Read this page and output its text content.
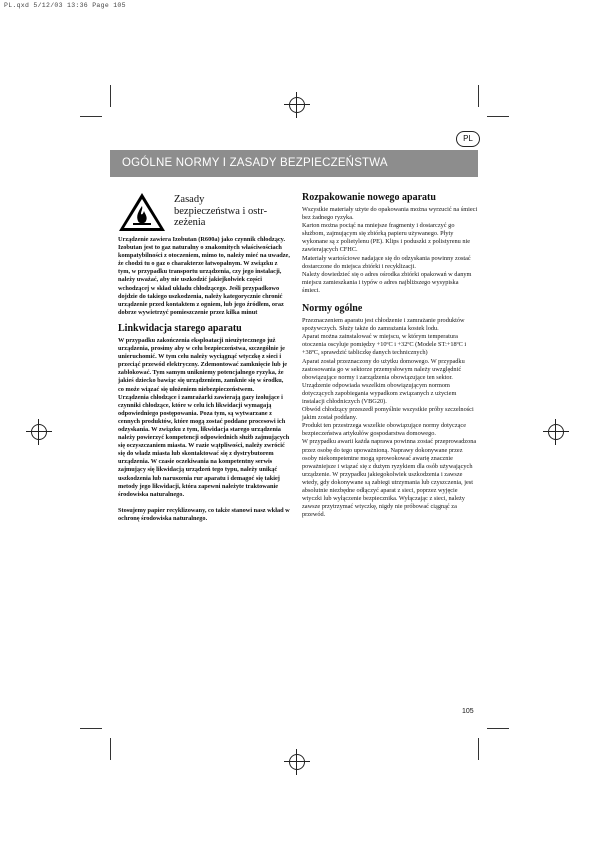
PL.qxd 5/12/03 13:36 Page 105
PL
OGÓLNE NORMY I ZASADY BEZPIECZEŃSTWA
Zasady
bezpieczeństwa i ostr-
zeżenia

Urządzenie zawiera Izobutan (R600a) jako czynnik chłodzący. Izobutan jest to gaz naturalny o znakomitych właściwościach kompatybilności z otoczeniem, mimo to, należy mieć na uwadze, że chodzi tu o gaz o charakterze łatwopalnym. W związku z tym, w przypadku transportu urządzenia, czy jego instalacji, należy uważać, aby nie uszkodzić jakiejkolwiek części wchodzącej w skład układu chłodzącego. Jeśli przypadkowo dojdzie do takiego uszkodzenia, należy kategorycznie chronić urządzenie przed kontaktem z ogniem, lub jego źródłem, oraz dobrze wywietrzyć pomieszczenie przez kilka minut

Linkwidacja starego aparatu

W przypadku zakończenia eksploatacji nieużytecznego już urządzenia, prosimy aby w celu bezpieczeństwa, szczególnie je unieruchomić. W tym celu należy wyciągnąć wtyczkę z sieci i przeciąć przewód elektryczny. Zdemontować zamknięcie lub je zablokować. Tym samym unikniemy potencjalnego ryzyka, że jakieś dziecko bawiąc się urządzeniem, zamknie się w środku, co może wiązać się ułożeniem niebezpieczeństwem.

Urządzenia chłodzące i zamrażarki zawierają gazy izolujące i czynniki chłodzące, które w celu ich likwidacji wymagają odpowiedniego postępowania. Poza tym, są wytwarzane z cennych produktów, które mogą zostać poddane procesowi ich odzyskania. W związku z tym, likwidacja starego urządzenia należy powierzyć kompetencji odpowiednich służb zajmujących się oczyszczaniem miasta. W razie wątpliwości, należy zwrócić się do władz miasta lub skontaktować się z dystrybutorem urządzenia. W czasie oczekiwania na kompetentny serwis zajmujący się likwidacją urządzeń tego typu, należy unikąć uszkodzenia lub naruszenia rur aparatu i demagoć się takiej metody jego likwidacji, która zapewni należyte traktowanie środowiska naturalnego.

Stosujemy papier recyklizowany, co także stanowi nasz wkład w ochronę środowiska naturalnego.

Rozpakowanie nowego aparatu

Wszystkie materiały użyte do opakowania można wyrzucić na śmieci bez żadnego ryzyka.

Karton można pociąć na mniejsze fragmenty i dostarczyć go służbom, zajmującym się zbiórką papieru używanego. Płyty wykonane są z polietylenu (PE). Klips i poduszki z polistyrenu nie zawierających CFHC.

Materiały wartościowe nadające się do odzyskania powinny zostać dostarczone do miejsca zbiórki i recyklizacji.

Należy dowiedzieć się o adres ośrodka zbiórki opakowań w danym miejscu zamieszkania i typów o adres najbliższego wysypiska śmieci.

Normy ogólne

Przeznaczeniem aparatu jest chłodzenie i zamrażanie produktów spożywczych. Służy także do zamrażania kostek lodu.

Aparat można zainstalować w miejscu, w którym temperatura otoczenia oscyluje pomiędzy +10ºC i +32ºC (Modele ST:+18ºC i +38ºC, sprawdzić tabliczkę danych technicznych)

Aparat został przeznaczony do użytku domowego. W przypadku zastosowania go w sektorze przemysłowym należy uwzględnić obowiązujące normy i zarządzenia obowiązujące ten sektor.

Urządzenie odpowiada wszelkim obowiązującym normom dotyczących zapobiegania wypadkom związanych z użyciem instalacji chłodniczych (VBG20).

Obwód chłodzący przeszedł pomyślnie wszystkie próby szczelności jakim został poddany.

Produkt ten przestrzega wszelkie obowiązujące normy dotyczące bezpieczeństwa artykułów gospodarstwa domowego.

W przypadku awarii każda naprawa powinna zostać przeprowadzona przez osobę do tego upoważnioną. Naprawy dokonywane przez osoby niekompetentne mogą sprowokować awarię znacznie poważniejsze i wiązać się z dużym ryzykiem dla osób używających urządzenie. W przypadku jakiegokolwiek uszkodzenia i zawsze wtedy, gdy dokonywane są zabiegi utrzymania lub czyszczenia, jest absolutnie niezbędne odłączyć aparat z sieci, poprzez wyjęcie wtyczki lub wyłączenie bezpiecznika. Wyłączając z sieci, należy zawsze przytrzymać wtyczkę, nigdy nie próbować ciągnąć za przewód.

105
